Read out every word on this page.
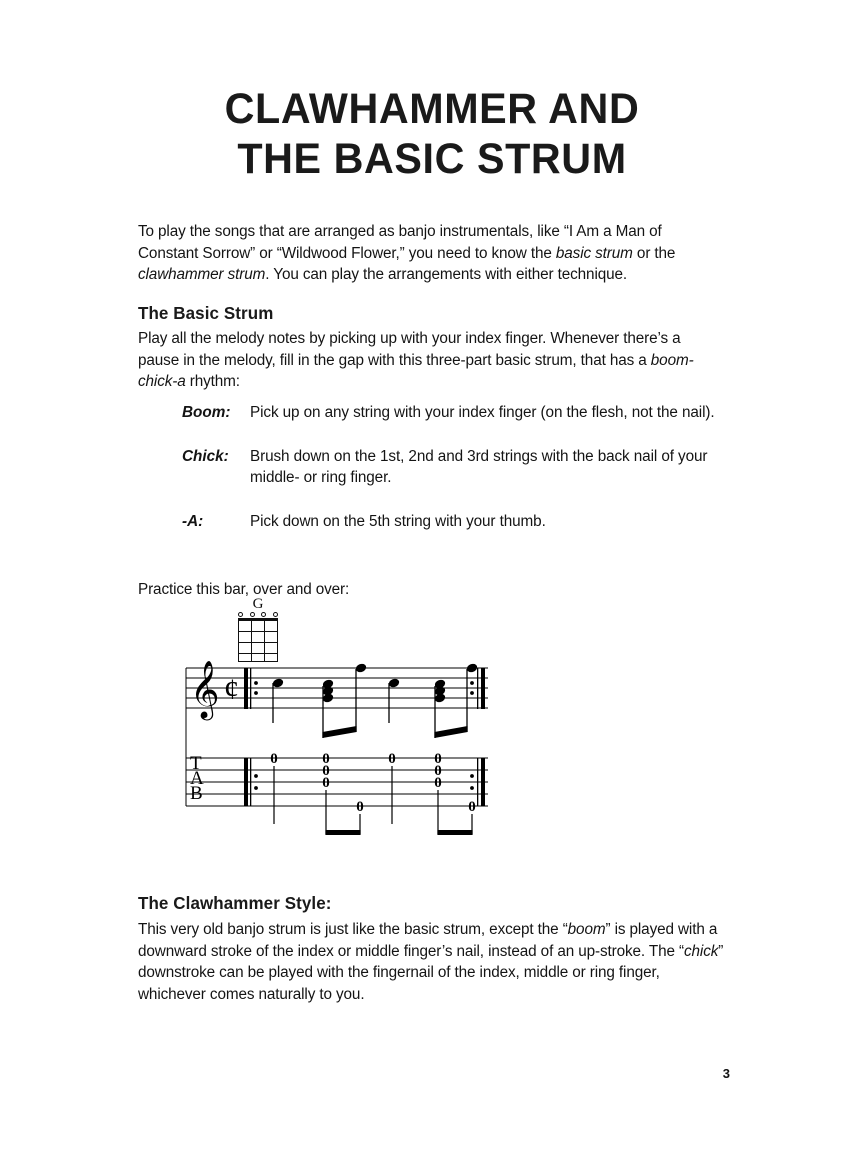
CLAWHAMMER AND
THE BASIC STRUM

To play the songs that are arranged as banjo instrumentals, like “I Am a Man of Constant Sorrow” or “Wildwood Flower,” you need to know the basic strum or the clawhammer strum. You can play the arrangements with either technique.

The Basic Strum

Play all the melody notes by picking up with your index finger. Whenever there’s a pause in the melody, fill in the gap with this three-part basic strum, that has a boom-chick-a rhythm:

Boom:	Pick up on any string with your index finger (on the flesh, not the nail).
Chick:	Brush down on the 1st, 2nd and 3rd strings with the back nail of your middle- or ring finger.
-A:	Pick down on the 5th string with your thumb.

Practice this bar, over and over:

G
𝄞 ¢
T
A
B
0	0
0
0
0
0	0
0
0
0
The Clawhammer Style:

This very old banjo strum is just like the basic strum, except the “boom” is played with a downward stroke of the index or middle finger’s nail, instead of an up-stroke. The “chick” downstroke can be played with the fingernail of the index, middle or ring finger, whichever comes naturally to you.

3
